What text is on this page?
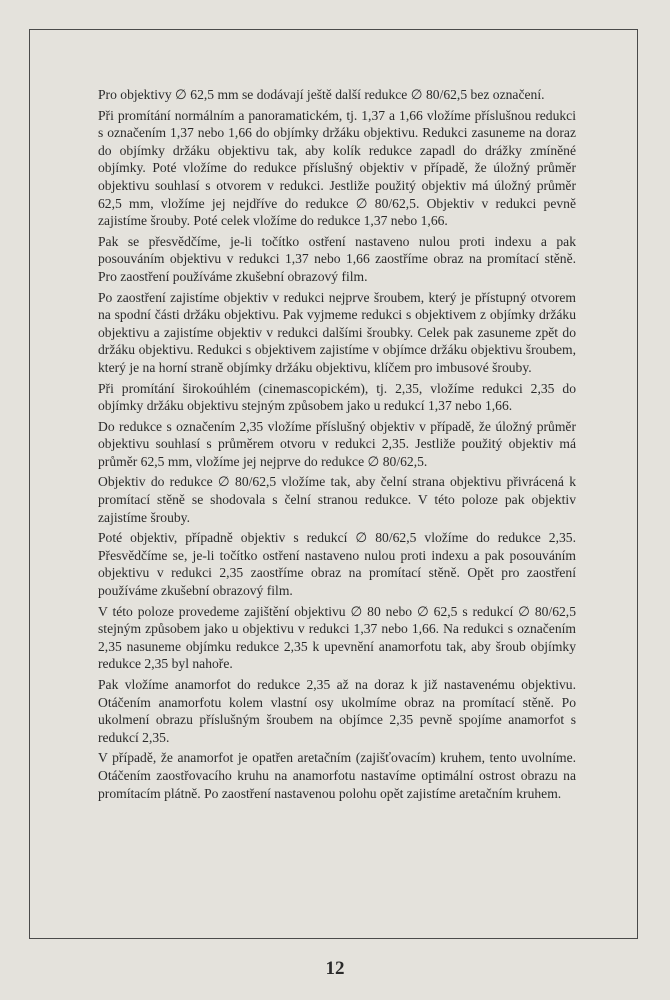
Pro objektivy ∅ 62,5 mm se dodávají ještě další redukce ∅ 80/62,5 bez označení.

Při promítání normálním a panoramatickém, tj. 1,37 a 1,66 vložíme příslušnou redukci s označením 1,37 nebo 1,66 do objímky držáku objektivu. Redukci zasuneme na doraz do objímky držáku objektivu tak, aby kolík redukce zapadl do drážky zmíněné objímky. Poté vložíme do redukce příslušný objektiv v případě, že úložný průměr objektivu souhlasí s otvorem v redukci. Jestliže použitý objektiv má úložný průměr 62,5 mm, vložíme jej nejdříve do redukce ∅ 80/62,5. Objektiv v redukci pevně zajistíme šrouby. Poté celek vložíme do redukce 1,37 nebo 1,66.

Pak se přesvědčíme, je-li točítko ostření nastaveno nulou proti indexu a pak posouváním objektivu v redukci 1,37 nebo 1,66 zaostříme obraz na promítací stěně. Pro zaostření používáme zkušební obrazový film.

Po zaostření zajistíme objektiv v redukci nejprve šroubem, který je přístupný otvorem na spodní části držáku objektivu. Pak vyjmeme redukci s objektivem z objímky držáku objektivu a zajistíme objektiv v redukci dalšími šroubky. Celek pak zasuneme zpět do držáku objektivu. Redukci s objektivem zajistíme v objímce držáku objektivu šroubem, který je na horní straně objímky držáku objektivu, klíčem pro imbusové šrouby.

Při promítání širokoúhlém (cinemascopickém), tj. 2,35, vložíme redukci 2,35 do objímky držáku objektivu stejným způsobem jako u redukcí 1,37 nebo 1,66.

Do redukce s označením 2,35 vložíme příslušný objektiv v případě, že úložný průměr objektivu souhlasí s průměrem otvoru v redukci 2,35. Jestliže použitý objektiv má průměr 62,5 mm, vložíme jej nejprve do redukce ∅ 80/62,5.

Objektiv do redukce ∅ 80/62,5 vložíme tak, aby čelní strana objektivu přivrácená k promítací stěně se shodovala s čelní stranou redukce. V této poloze pak objektiv zajistíme šrouby.

Poté objektiv, případně objektiv s redukcí ∅ 80/62,5 vložíme do redukce 2,35. Přesvědčíme se, je-li točítko ostření nastaveno nulou proti indexu a pak posouváním objektivu v redukci 2,35 zaostříme obraz na promítací stěně. Opět pro zaostření používáme zkušební obrazový film.

V této poloze provedeme zajištění objektivu ∅ 80 nebo ∅ 62,5 s redukcí ∅ 80/62,5 stejným způsobem jako u objektivu v redukci 1,37 nebo 1,66. Na redukci s označením 2,35 nasuneme objímku redukce 2,35 k upevnění anamorfotu tak, aby šroub objímky redukce 2,35 byl nahoře.

Pak vložíme anamorfot do redukce 2,35 až na doraz k již nastavenému objektivu. Otáčením anamorfotu kolem vlastní osy ukolmíme obraz na promítací stěně. Po ukolmení obrazu příslušným šroubem na objímce 2,35 pevně spojíme anamorfot s redukcí 2,35.

V případě, že anamorfot je opatřen aretačním (zajišťovacím) kruhem, tento uvolníme. Otáčením zaostřovacího kruhu na anamorfotu nastavíme optimální ostrost obrazu na promítacím plátně. Po zaostření nastavenou polohu opět zajistíme aretačním kruhem.

12
